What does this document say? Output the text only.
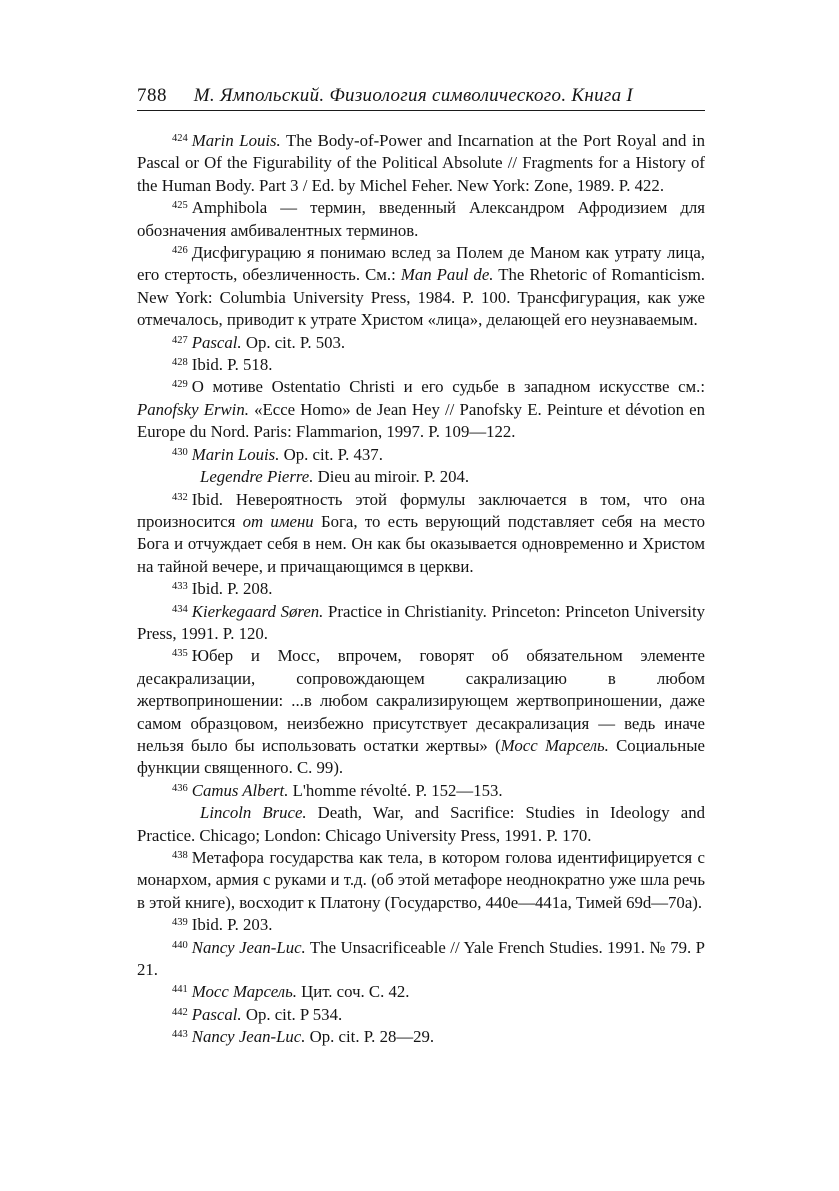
788 М. Ямпольский. Физиология символического. Книга I

$^{424}$ Marin Louis. The Body-of-Power and Incarnation at the Port Royal and in Pascal or Of the Figurability of the Political Absolute // Fragments for a History of the Human Body. Part 3 / Ed. by Michel Feher. New York: Zone, 1989. P. 422.

$^{425}$ Amphibola — термин, введенный Александром Афродизием для обозначения амбивалентных терминов.

$^{426}$ Дисфигурацию я понимаю вслед за Полем де Маном как утрату лица, его стертость, обезличенность. См.: Man Paul de. The Rhetoric of Romanticism. New York: Columbia University Press, 1984. P. 100. Трансфигурация, как уже отмечалось, приводит к утрате Христом «лица», делающей его неузнаваемым.

$^{427}$ Pascal. Op. cit. P. 503.

$^{428}$ Ibid. P. 518.

$^{429}$ О мотиве Ostentatio Christi и его судьбе в западном искусстве см.: Panofsky Erwin. «Ecce Homo» de Jean Hey // Panofsky E. Peinture et dévotion en Europe du Nord. Paris: Flammarion, 1997. P. 109—122.

$^{430}$ Marin Louis. Op. cit. P. 437.

Legendre Pierre. Dieu au miroir. P. 204.

$^{432}$ Ibid. Невероятность этой формулы заключается в том, что она произносится от имени Бога, то есть верующий подставляет себя на место Бога и отчуждает себя в нем. Он как бы оказывается одновременно и Христом на тайной вечере, и причащающимся в церкви.

$^{433}$ Ibid. P. 208.

$^{434}$ Kierkegaard Søren. Practice in Christianity. Princeton: Princeton University Press, 1991. P. 120.

$^{435}$ Юбер и Мосс, впрочем, говорят об обязательном элементе десакрализации, сопровождающем сакрализацию в любом жертвоприношении: ...в любом сакрализирующем жертвоприношении, даже самом образцовом, неизбежно присутствует десакрализация — ведь иначе нельзя было бы использовать остатки жертвы» (Мосс Марсель. Социальные функции священного. С. 99).

$^{436}$ Camus Albert. L'homme révolté. P. 152—153.

Lincoln Bruce. Death, War, and Sacrifice: Studies in Ideology and Practice. Chicago; London: Chicago University Press, 1991. P. 170.

$^{438}$ Метафора государства как тела, в котором голова идентифицируется с монархом, армия с руками и т.д. (об этой метафоре неоднократно уже шла речь в этой книге), восходит к Платону (Государство, 440e—441a, Тимей 69d—70a).

$^{439}$ Ibid. P. 203.

$^{440}$ Nancy Jean-Luc. The Unsacrificeable // Yale French Studies. 1991. № 79. P 21.

$^{441}$ Мосс Марсель. Цит. соч. С. 42.

$^{442}$ Pascal. Op. cit. P 534.

$^{443}$ Nancy Jean-Luc. Op. cit. P. 28—29.
